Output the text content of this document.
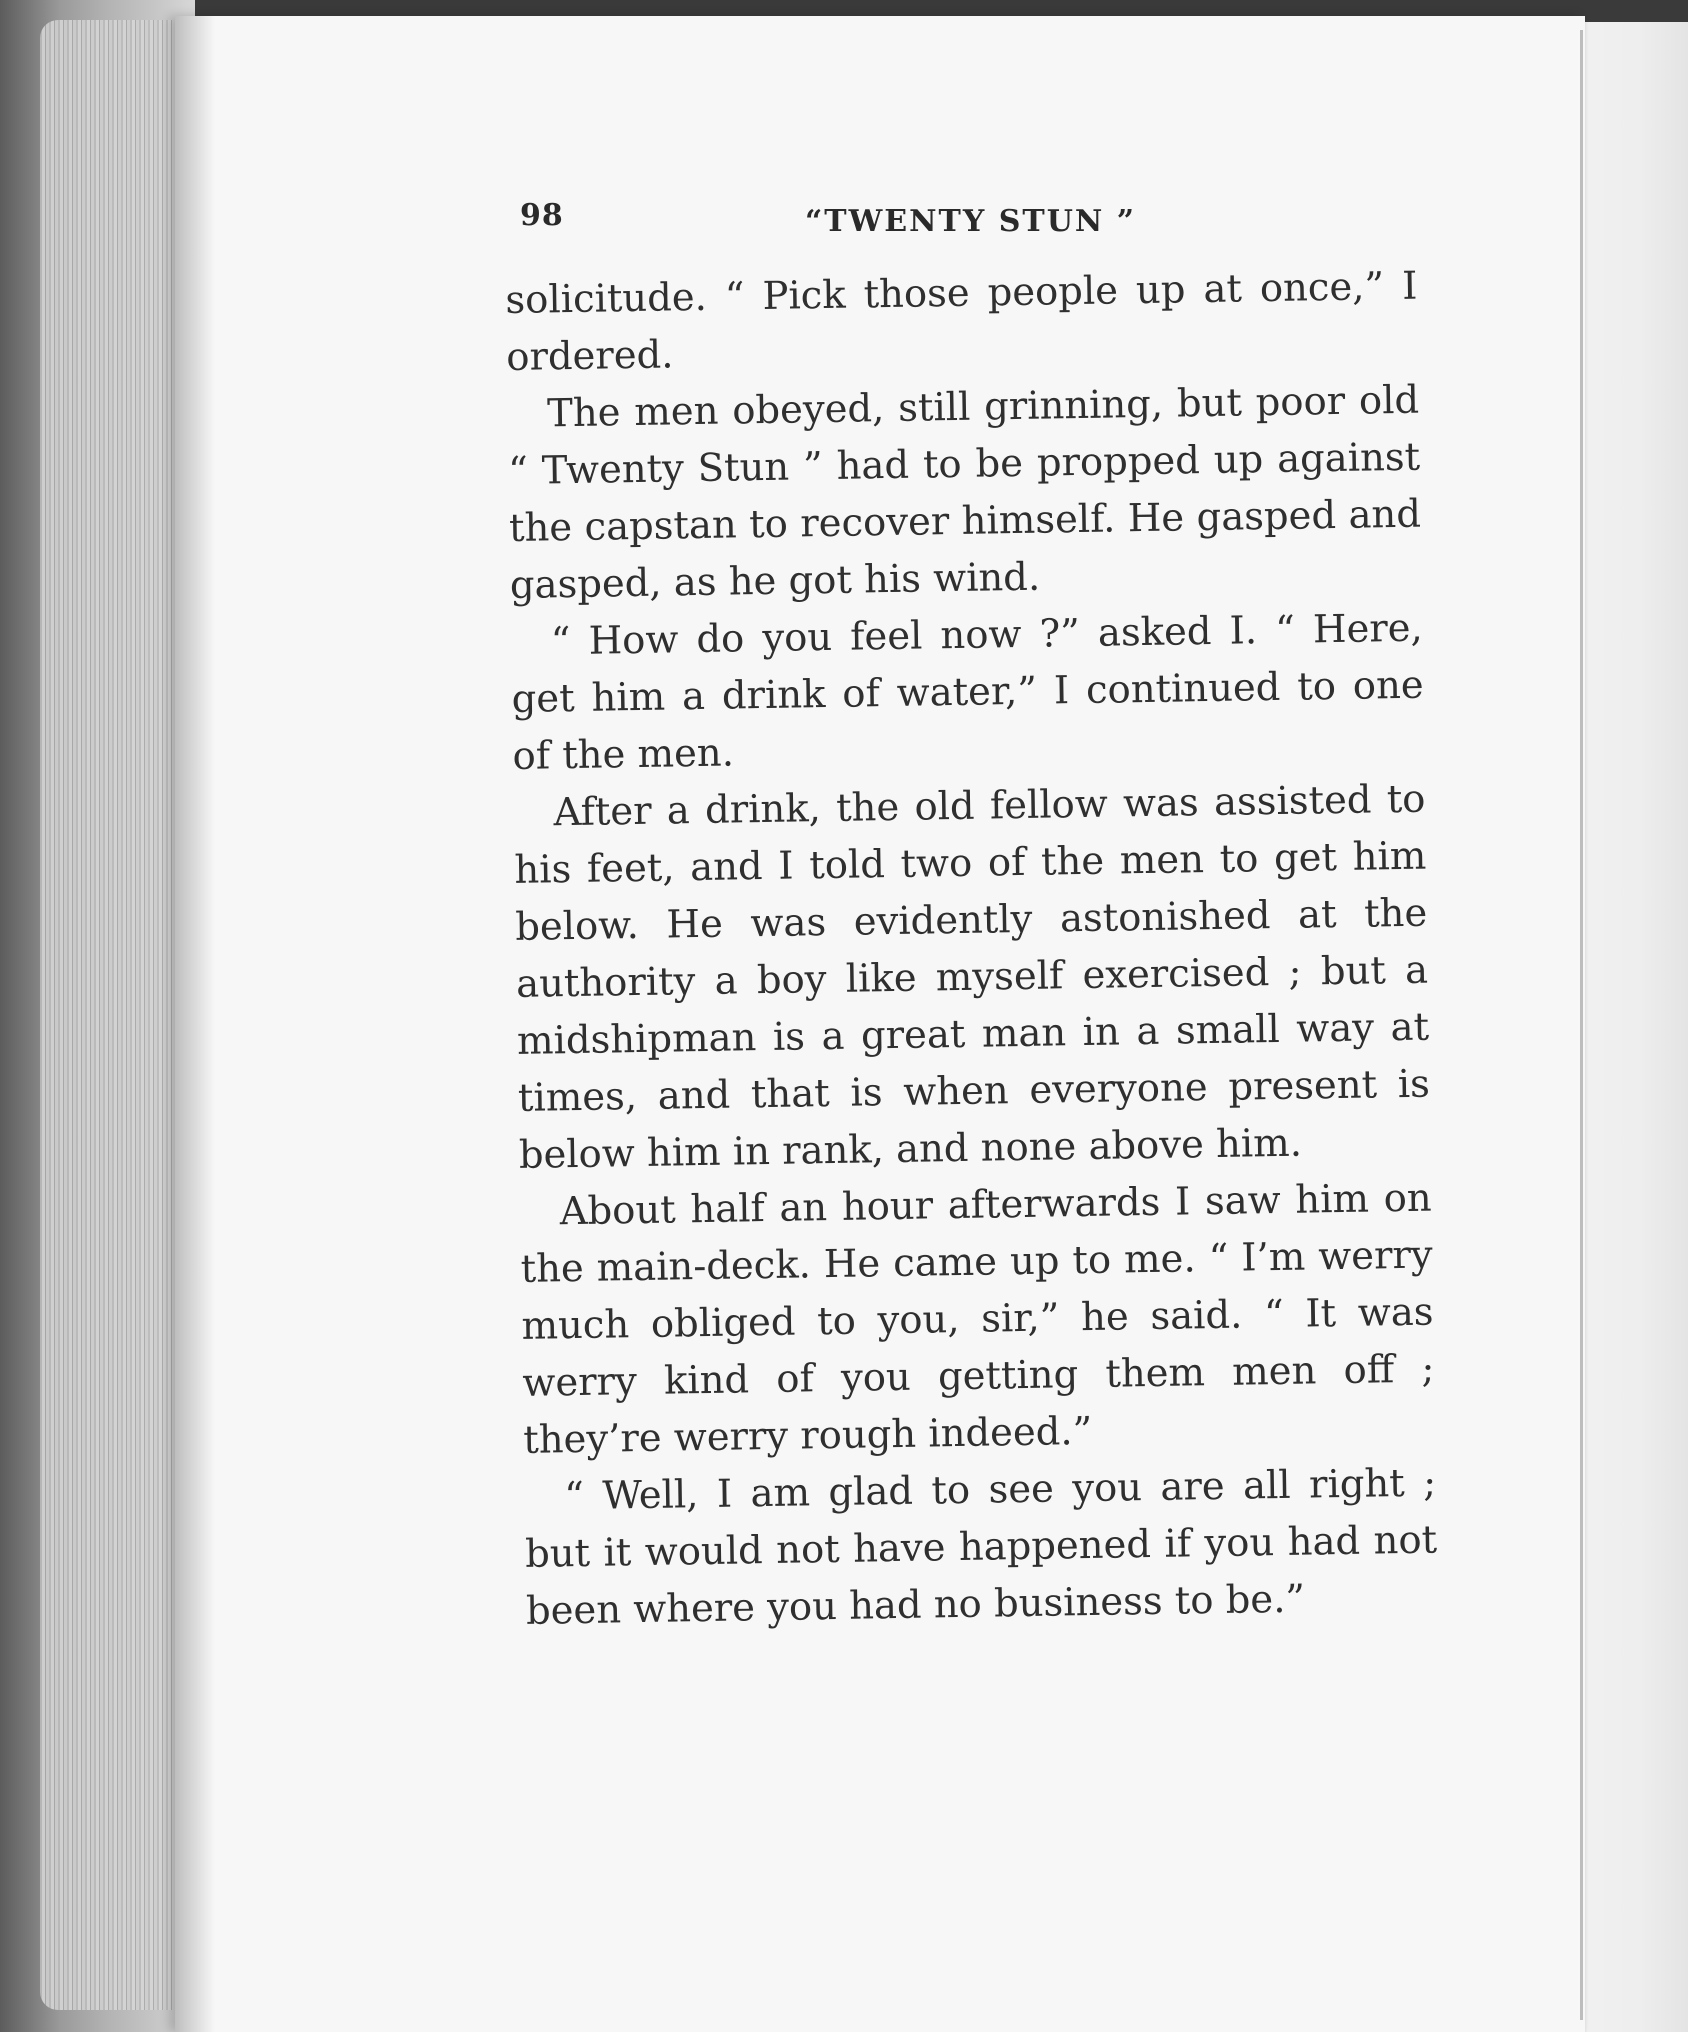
98	“TWENTY STUN ”

solicitude. “ Pick those people up at once,” I ordered.

The men obeyed, still grinning, but poor old “ Twenty Stun ” had to be propped up against the capstan to recover himself. He gasped and gasped, as he got his wind.

“ How do you feel now ?” asked I. “ Here, get him a drink of water,” I continued to one of the men.

After a drink, the old fellow was assisted to his feet, and I told two of the men to get him below. He was evidently astonished at the authority a boy like myself exercised ; but a midshipman is a great man in a small way at times, and that is when everyone present is below him in rank, and none above him.

About half an hour afterwards I saw him on the main-deck. He came up to me. “ I’m werry much obliged to you, sir,” he said. “ It was werry kind of you getting them men off ; they’re werry rough indeed.”

“ Well, I am glad to see you are all right ; but it would not have happened if you had not been where you had no business to be.”
